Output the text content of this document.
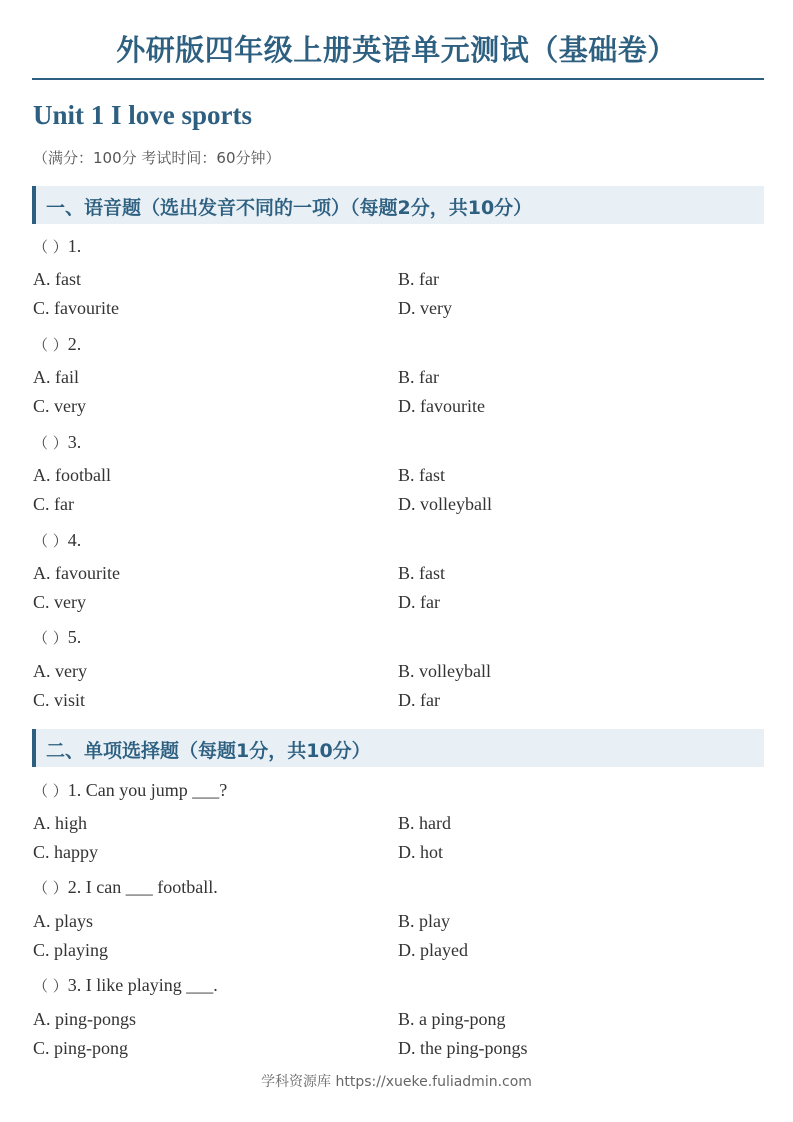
外研版四年级上册英语单元测试（基础卷）
Unit 1 I love sports
（满分：100分 考试时间：60分钟）
一、语音题（选出发音不同的一项）（每题2分，共10分）
（ ）1.
A. fast	B. far
C. favourite	D. very
（ ）2.
A. fail	B. far
C. very	D. favourite
（ ）3.
A. football	B. fast
C. far	D. volleyball
（ ）4.
A. favourite	B. fast
C. very	D. far
（ ）5.
A. very	B. volleyball
C. visit	D. far
二、单项选择题（每题1分，共10分）
（ ）1. Can you jump ___?
A. high	B. hard
C. happy	D. hot
（ ）2. I can ___ football.
A. plays	B. play
C. playing	D. played
（ ）3. I like playing ___.
A. ping-pongs	B. a ping-pong
C. ping-pong	D. the ping-pongs
学科资源库 https://xueke.fuliadmin.com
